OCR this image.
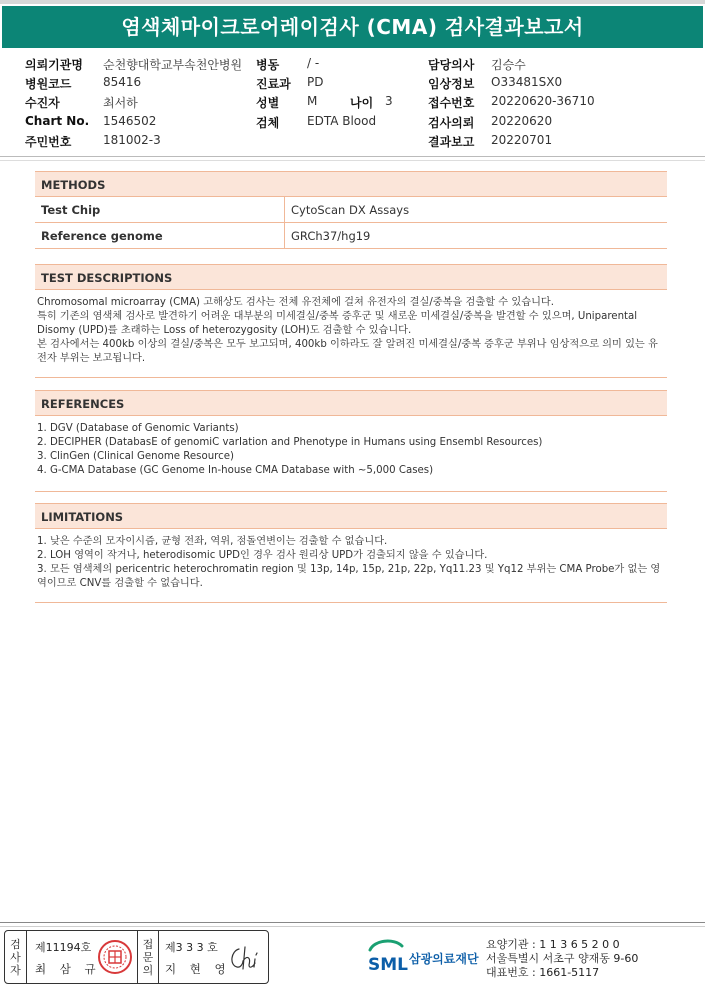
염색체마이크로어레이검사 (CMA) 검사결과보고서
의뢰기관명 순천향대학교부속천안병원 병동 / -	담당의사 김승수
병원코드	85416	진료과 PD	임상정보 O33481SX0
수진자	최서하	성별 M	나이 3	접수번호 20220620-36710
Chart No. 1546502	검체 EDTA Blood	검사의뢰 20220620
주민번호	181002-3	결과보고 20220701
METHODS
Test Chip	CytoScan DX Assays
Reference genome	GRCh37/hg19
TEST DESCRIPTIONS

Chromosomal microarray (CMA) 고해상도 검사는 전체 유전체에 걸쳐 유전자의 결실/중복을 검출할 수 있습니다.

특히 기존의 염색체 검사로 발견하기 어려운 대부분의 미세결실/중복 증후군 및 새로운 미세결실/중복을 발견할 수 있으며, Uniparental Disomy (UPD)를 초래하는 Loss of heterozygosity (LOH)도 검출할 수 있습니다.

본 검사에서는 400kb 이상의 결실/중복은 모두 보고되며, 400kb 이하라도 잘 알려진 미세결실/중복 증후군 부위나 임상적으로 의미 있는 유전자 부위는 보고됩니다.

REFERENCES

1. DGV (Database of Genomic Variants)

2. DECIPHER (DatabasE of genomiC varIation and Phenotype in Humans using Ensembl Resources)

3. ClinGen (Clinical Genome Resource)

4. G-CMA Database (GC Genome In-house CMA Database with ~5,000 Cases)

LIMITATIONS

1. 낮은 수준의 모자이시즘, 균형 전좌, 역위, 점돌연변이는 검출할 수 없습니다.

2. LOH 영역이 작거나, heterodisomic UPD인 경우 검사 원리상 UPD가 검출되지 않을 수 있습니다.

3. 모든 염색체의 pericentric heterochromatin region 및 13p, 14p, 15p, 21p, 22p, Yq11.23 및 Yq12 부위는 CMA Probe가 없는 영역이므로 CNV를 검출할 수 없습니다.

검
사
자
제11194호
최 삼 규
접
문
의
제3 3 3 호
지 현 영	SML 삼광의료재단
요양기관 : 1 1 3 6 5 2 0 0
서울특별시 서초구 양재동 9-60
대표번호 : 1661-5117
